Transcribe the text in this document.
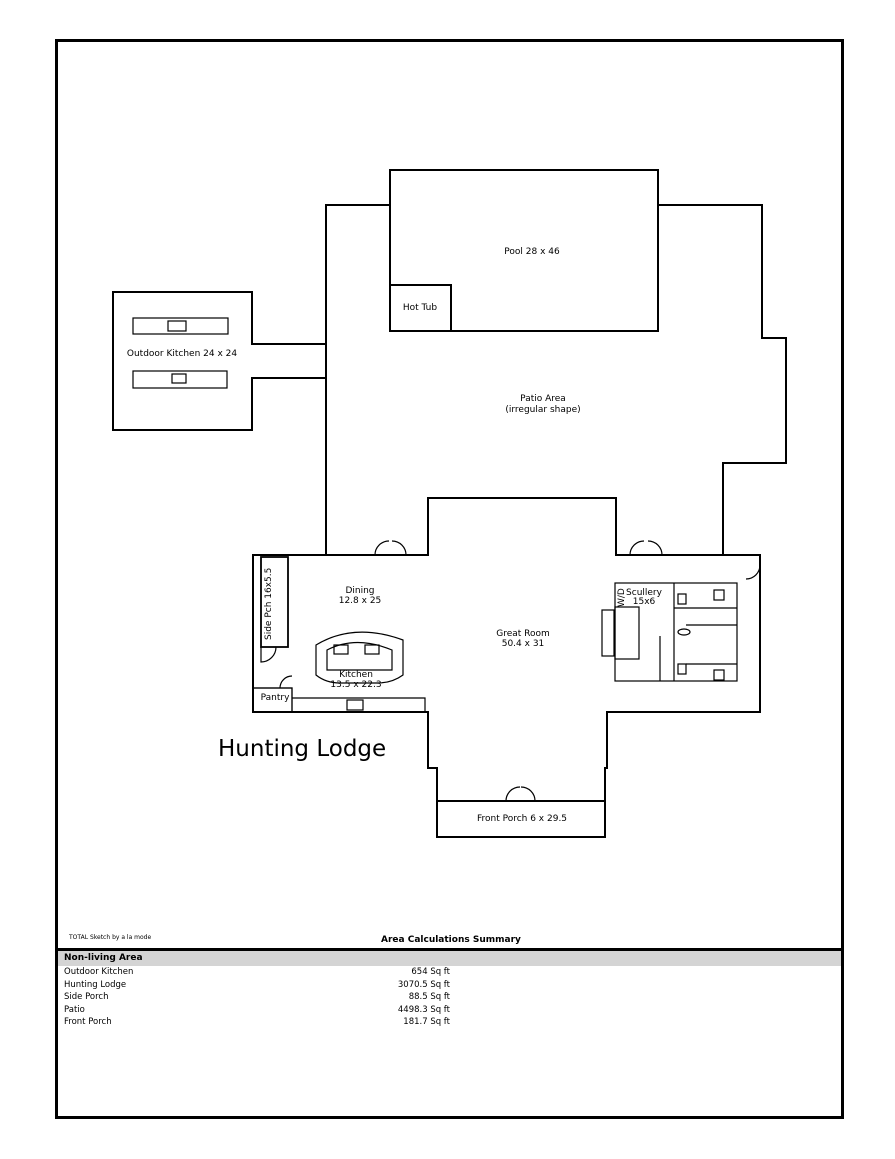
Pool 28 x 46
Hot Tub
Outdoor Kitchen 24 x 24
Patio Area
(irregular shape)
Dining
12.8 x 25
Side Pch 16x5.5
Kitchen
13.5 x 22.3
Pantry
Great Room
50.4 x 31
W/D Scullery
15x6
Front Porch 6 x 29.5
Hunting Lodge
TOTAL Sketch by a la mode	Area Calculations Summary
Non-living Area
Outdoor Kitchen	654 Sq ft
Hunting Lodge	3070.5 Sq ft
Side Porch	88.5 Sq ft
Patio	4498.3 Sq ft
Front Porch	181.7 Sq ft
